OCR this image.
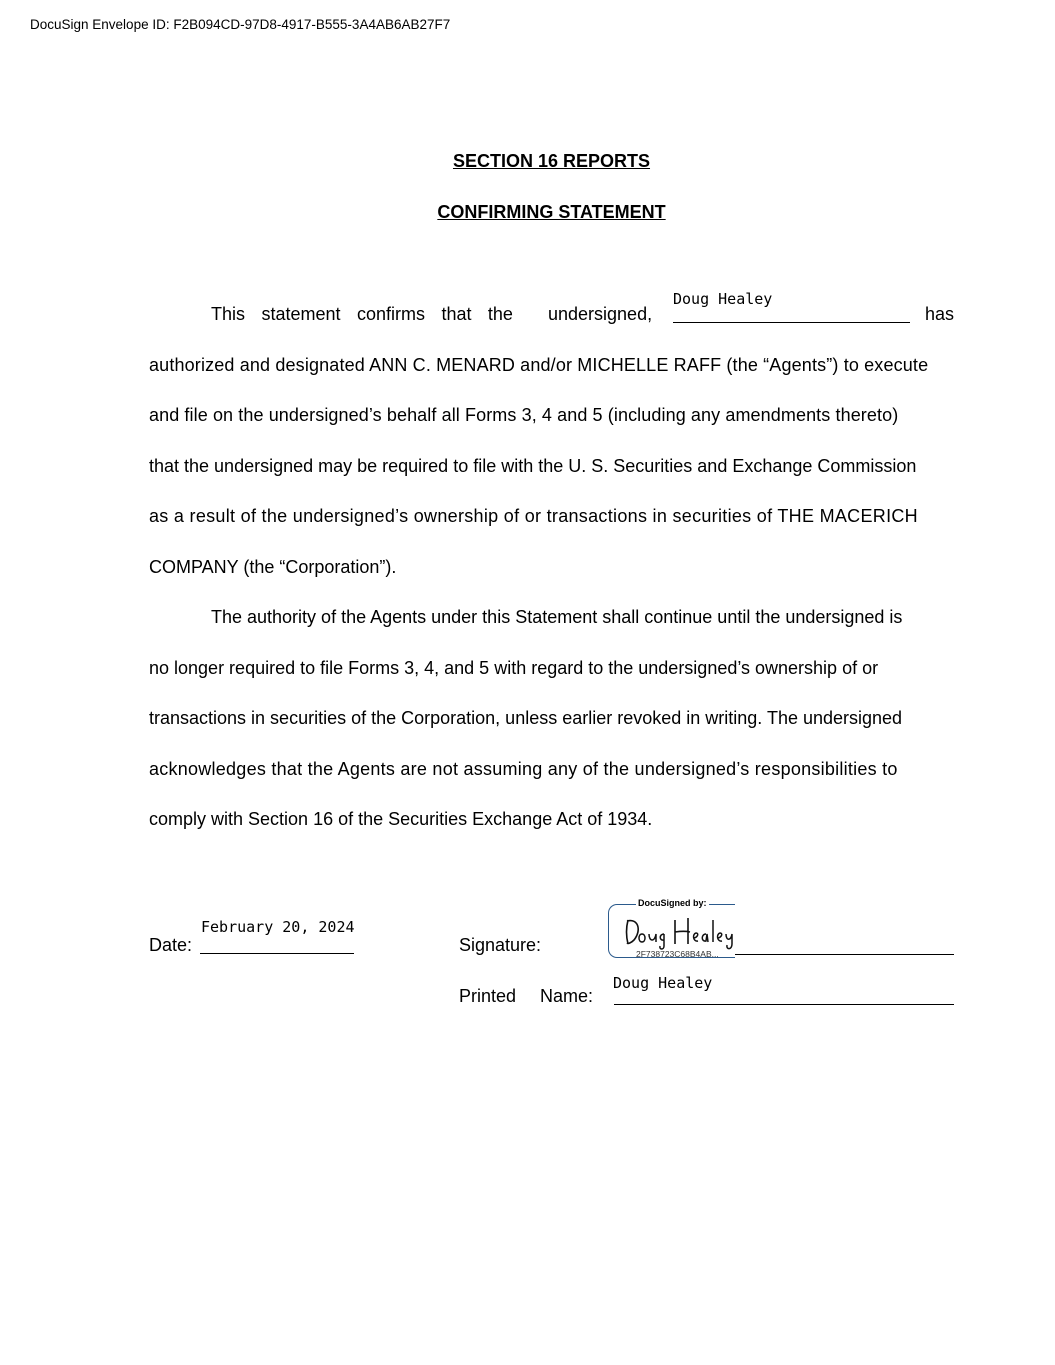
DocuSign Envelope ID: F2B094CD-97D8-4917-B555-3A4AB6AB27F7
SECTION 16 REPORTS
CONFIRMING STATEMENT
This statement confirms that the undersigned,
Doug Healey
has
authorized and designated ANN C. MENARD and/or MICHELLE RAFF (the “Agents”) to execute
and file on the undersigned’s behalf all Forms 3, 4 and 5 (including any amendments thereto)
that the undersigned may be required to file with the U. S. Securities and Exchange Commission
as a result of the undersigned’s ownership of or transactions in securities of THE MACERICH
COMPANY (the “Corporation”).
The authority of the Agents under this Statement shall continue until the undersigned is
no longer required to file Forms 3, 4, and 5 with regard to the undersigned’s ownership of or
transactions in securities of the Corporation, unless earlier revoked in writing. The undersigned
acknowledges that the Agents are not assuming any of the undersigned’s responsibilities to
comply with Section 16 of the Securities Exchange Act of 1934.
Date:
February 20, 2024
Signature:
DocuSigned by:
2F738723C68B4AB...
Printed Name:
Doug Healey
